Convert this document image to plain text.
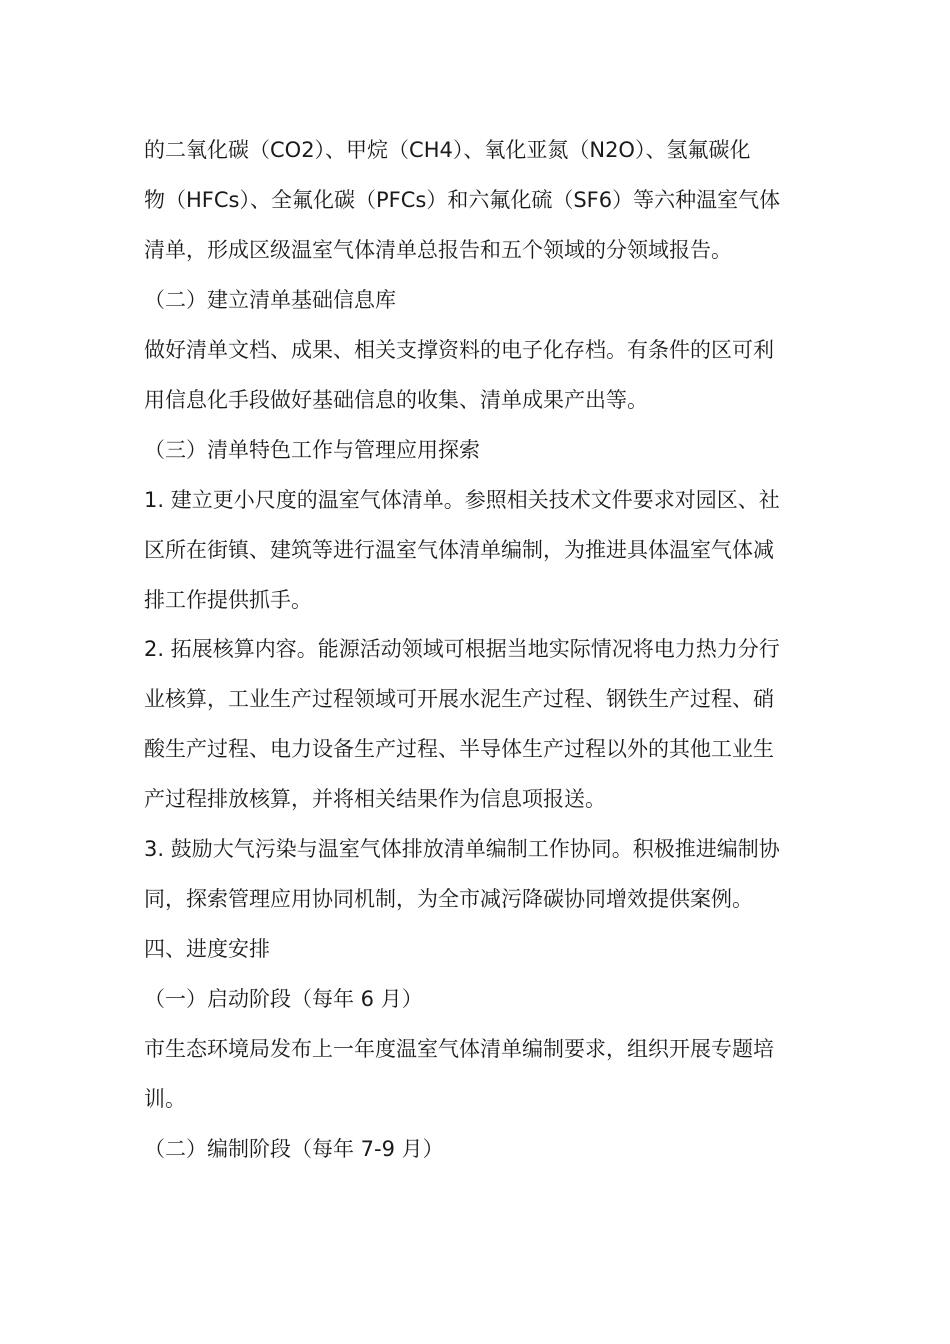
的二氧化碳（CO2）、甲烷（CH4）、氧化亚氮（N2O）、氢氟碳化

物（HFCs）、全氟化碳（PFCs）和六氟化硫（SF6）等六种温室气体

清单，形成区级温室气体清单总报告和五个领域的分领域报告。

（二）建立清单基础信息库

做好清单文档、成果、相关支撑资料的电子化存档。有条件的区可利

用信息化手段做好基础信息的收集、清单成果产出等。

（三）清单特色工作与管理应用探索

1. 建立更小尺度的温室气体清单。参照相关技术文件要求对园区、社

区所在街镇、建筑等进行温室气体清单编制，为推进具体温室气体减

排工作提供抓手。

2. 拓展核算内容。能源活动领域可根据当地实际情况将电力热力分行

业核算，工业生产过程领域可开展水泥生产过程、钢铁生产过程、硝

酸生产过程、电力设备生产过程、半导体生产过程以外的其他工业生

产过程排放核算，并将相关结果作为信息项报送。

3. 鼓励大气污染与温室气体排放清单编制工作协同。积极推进编制协

同，探索管理应用协同机制，为全市减污降碳协同增效提供案例。

四、进度安排

（一）启动阶段（每年 6 月）

市生态环境局发布上一年度温室气体清单编制要求，组织开展专题培

训。

（二）编制阶段（每年 7-9 月）
